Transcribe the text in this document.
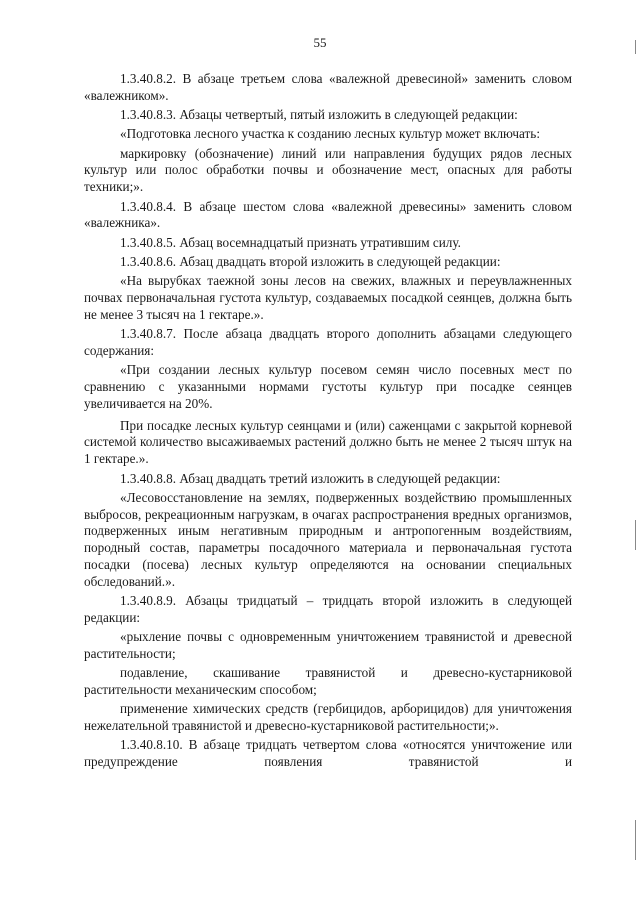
55

1.3.40.8.2. В абзаце третьем слова «валежной древесиной» заменить словом «валежником».

1.3.40.8.3. Абзацы четвертый, пятый изложить в следующей редакции:

«Подготовка лесного участка к созданию лесных культур может включать:

маркировку (обозначение) линий или направления будущих рядов лесных культур или полос обработки почвы и обозначение мест, опасных для работы техники;».

1.3.40.8.4. В абзаце шестом слова «валежной древесины» заменить словом «валежника».

1.3.40.8.5. Абзац восемнадцатый признать утратившим силу.

1.3.40.8.6. Абзац двадцать второй изложить в следующей редакции:

«На вырубках таежной зоны лесов на свежих, влажных и переувлажненных почвах первоначальная густота культур, создаваемых посадкой сеянцев, должна быть не менее 3 тысяч на 1 гектаре.».

1.3.40.8.7. После абзаца двадцать второго дополнить абзацами следующего содержания:

«При создании лесных культур посевом семян число посевных мест по сравнению с указанными нормами густоты культур при посадке сеянцев увеличивается на 20%.

При посадке лесных культур сеянцами и (или) саженцами с закрытой корневой системой количество высаживаемых растений должно быть не менее 2 тысяч штук на 1 гектаре.».

1.3.40.8.8. Абзац двадцать третий изложить в следующей редакции:

«Лесовосстановление на землях, подверженных воздействию промышленных выбросов, рекреационным нагрузкам, в очагах распространения вредных организмов, подверженных иным негативным природным и антропогенным воздействиям, породный состав, параметры посадочного материала и первоначальная густота посадки (посева) лесных культур определяются на основании специальных обследований.».

1.3.40.8.9. Абзацы тридцатый – тридцать второй изложить в следующей редакции:

«рыхление почвы с одновременным уничтожением травянистой и древесной растительности;

подавление, скашивание травянистой и древесно-кустарниковой растительности механическим способом;

применение химических средств (гербицидов, арборицидов) для уничтожения нежелательной травянистой и древесно-кустарниковой растительности;».

1.3.40.8.10. В абзаце тридцать четвертом слова «относятся уничтожение или предупреждение появления травянистой и
